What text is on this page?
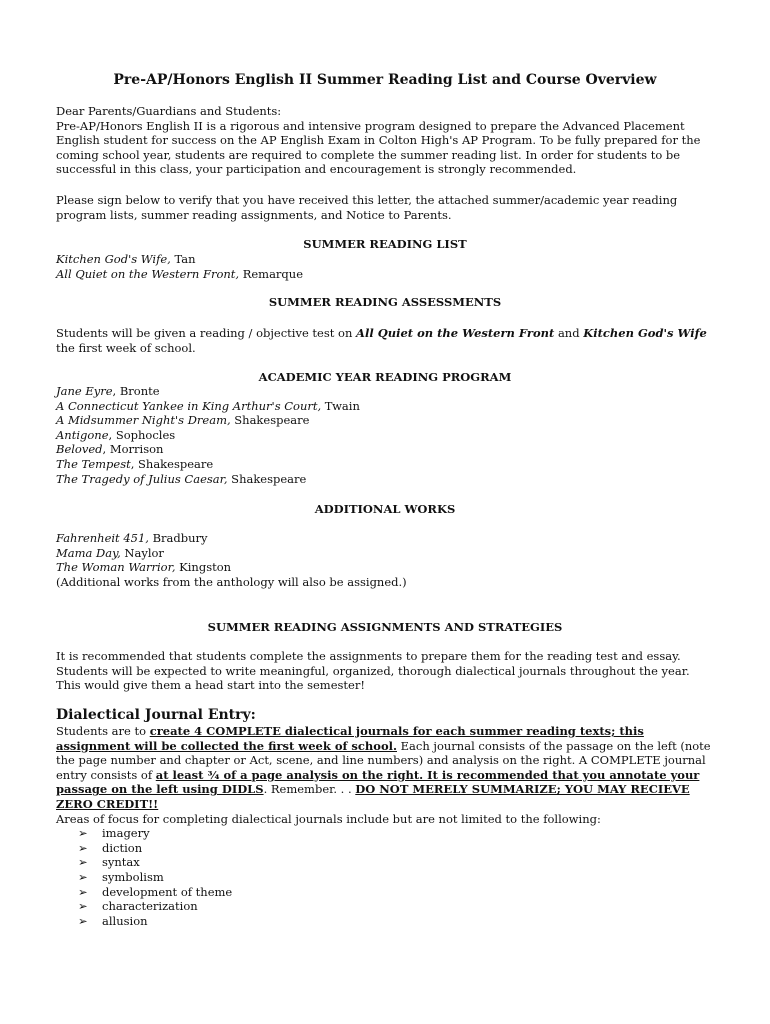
Pre-AP/Honors English II Summer Reading List and Course Overview

Dear Parents/Guardians and Students:

Pre-AP/Honors English II is a rigorous and intensive program designed to prepare the Advanced Placement English student for success on the AP English Exam in Colton High's AP Program. To be fully prepared for the coming school year, students are required to complete the summer reading list. In order for students to be successful in this class, your participation and encouragement is strongly recommended.

Please sign below to verify that you have received this letter, the attached summer/academic year reading program lists, summer reading assignments, and Notice to Parents.

SUMMER READING LIST

Kitchen God's Wife, Tan

All Quiet on the Western Front, Remarque

SUMMER READING ASSESSMENTS

Students will be given a reading / objective test on All Quiet on the Western Front and Kitchen God's Wife the first week of school.

ACADEMIC YEAR READING PROGRAM

Jane Eyre, Bronte

A Connecticut Yankee in King Arthur's Court, Twain

A Midsummer Night's Dream, Shakespeare

Antigone, Sophocles

Beloved, Morrison

The Tempest, Shakespeare

The Tragedy of Julius Caesar, Shakespeare

ADDITIONAL WORKS

Fahrenheit 451, Bradbury

Mama Day, Naylor

The Woman Warrior, Kingston

(Additional works from the anthology will also be assigned.)

SUMMER READING ASSIGNMENTS AND STRATEGIES

It is recommended that students complete the assignments to prepare them for the reading test and essay. Students will be expected to write meaningful, organized, thorough dialectical journals throughout the year. This would give them a head start into the semester!

Dialectical Journal Entry:

Students are to create 4 COMPLETE dialectical journals for each summer reading texts; this assignment will be collected the first week of school. Each journal consists of the passage on the left (note the page number and chapter or Act, scene, and line numbers) and analysis on the right. A COMPLETE journal entry consists of at least ¾ of a page analysis on the right. It is recommended that you annotate your passage on the left using DIDLS. Remember. . . DO NOT MERELY SUMMARIZE; YOU MAY RECIEVE ZERO CREDIT!!

Areas of focus for completing dialectical journals include but are not limited to the following:

➢ imagery
➢ diction
➢ syntax
➢ symbolism
➢ development of theme
➢ characterization
➢ allusion
